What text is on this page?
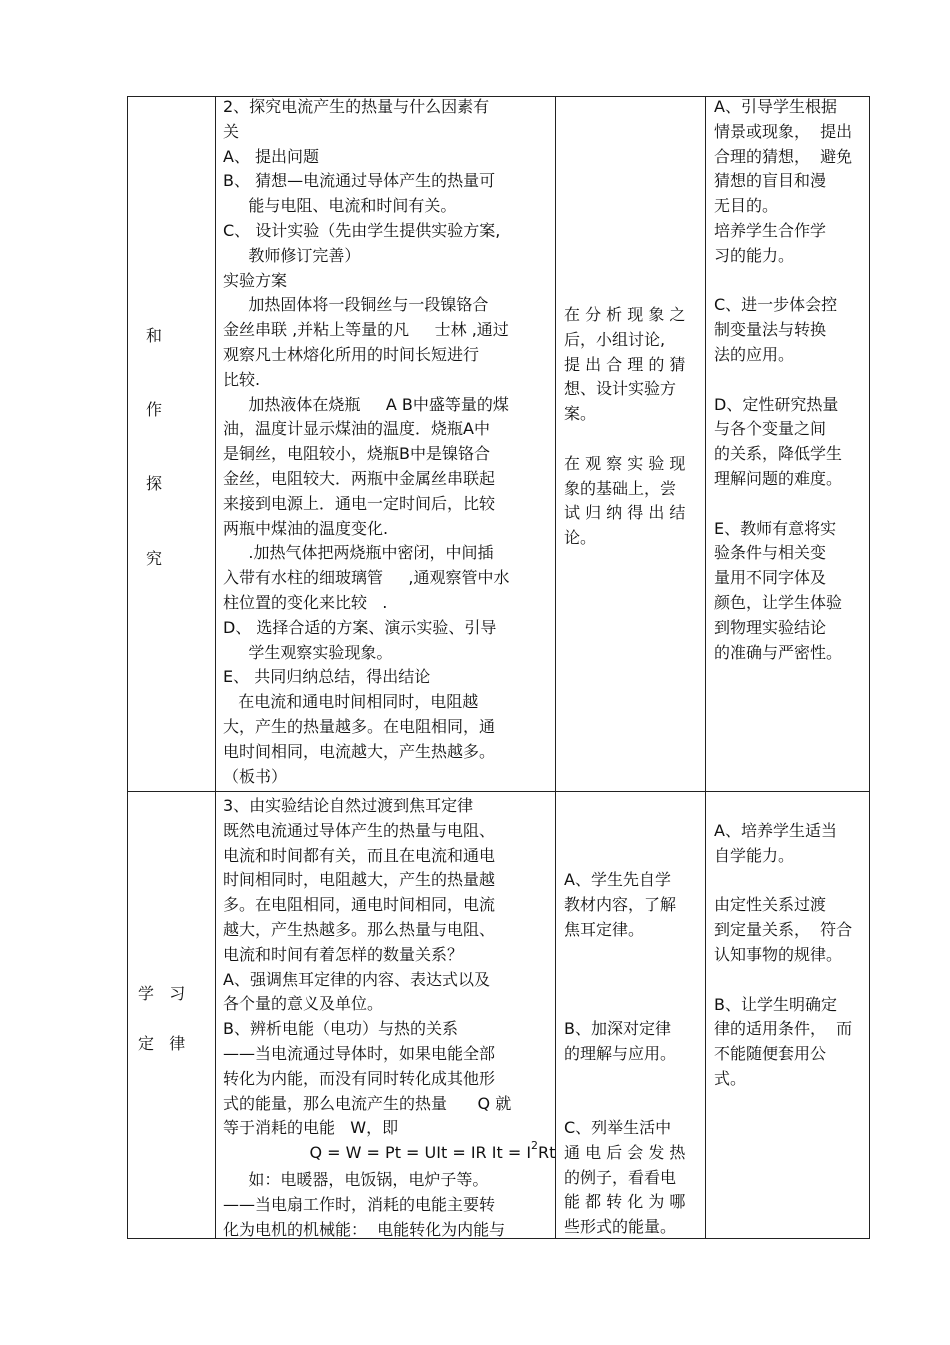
和
作
探
究
2、探究电流产生的热量与什么因素有
关
A、 提出问题
B、 猜想—电流通过导体产生的热量可
能与电阻、电流和时间有关。
C、 设计实验（先由学生提供实验方案,
教师修订完善）
实验方案
加热固体将一段铜丝与一段镍铬合
金丝串联 ,并粘上等量的凡     士林 ,通过
观察凡士林熔化所用的时间长短进行
比较.
加热液体在烧瓶     A B中盛等量的煤
油，温度计显示煤油的温度．烧瓶A中
是铜丝，电阻较小，烧瓶B中是镍铬合
金丝，电阻较大．两瓶中金属丝串联起
来接到电源上．通电一定时间后，比较
两瓶中煤油的温度变化.
.加热气体把两烧瓶中密闭，中间插
入带有水柱的细玻璃管     ,通观察管中水
柱位置的变化来比较   .
D、 选择合适的方案、演示实验、引导
学生观察实验现象。
E、 共同归纳总结，得出结论
在电流和通电时间相同时，电阻越
大，产生的热量越多。在电阻相同，通
电时间相同，电流越大，产生热越多。
（板书）
在 分 析 现 象 之
后，小组讨论,
提 出 合 理 的 猜
想、设计实验方
案。
在 观 察 实 验 现
象的基础上，尝
试 归 纳 得 出 结
论。
A、引导学生根据
情景或现象，  提出
合理的猜想，  避免
猜想的盲目和漫
无目的。
培养学生合作学
习的能力。
C、进一步体会控
制变量法与转换
法的应用。
D、定性研究热量
与各个变量之间
的关系，降低学生
理解问题的难度。
E、教师有意将实
验条件与相关变
量用不同字体及
颜色，让学生体验
到物理实验结论
的准确与严密性。
学   习
定   律
3、由实验结论自然过渡到焦耳定律
既然电流通过导体产生的热量与电阻、
电流和时间都有关，而且在电流和通电
时间相同时，电阻越大，产生的热量越
多。在电阻相同，通电时间相同，电流
越大，产生热越多。那么热量与电阻、
电流和时间有着怎样的数量关系？
A、强调焦耳定律的内容、表达式以及
各个量的意义及单位。
B、辨析电能（电功）与热的关系
——当电流通过导体时，如果电能全部
转化为内能，而没有同时转化成其他形
式的能量，那么电流产生的热量      Q 就
等于消耗的电能   W，即
Q = W = Pt = UIt = IR $It = I^2Rt$
如：电暖器，电饭锅，电炉子等。
——当电扇工作时，消耗的电能主要转
化为电机的机械能：  电能转化为内能与
A、学生先自学
教材内容，了解
焦耳定律。
B、加深对定律
的理解与应用。
C、列举生活中
通 电 后 会 发 热
的例子，看看电
能 都 转 化 为 哪
些形式的能量。
A、培养学生适当
自学能力。
由定性关系过渡
到定量关系，  符合
认知事物的规律。
B、让学生明确定
律的适用条件，  而
不能随便套用公
式。
